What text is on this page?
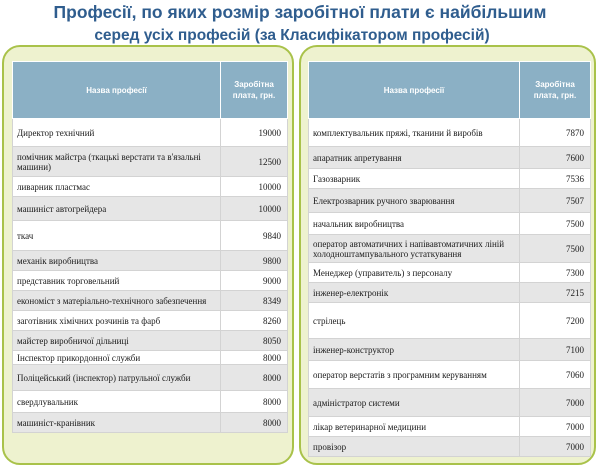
Професії, по яких розмір заробітної плати є найбільшим
серед усіх професій (за Класифікатором професій)
Назва професії	Заробітна плата, грн.
Директор технічний	19000
помічник майстра (ткацькі верстати та в'язальні машини)	12500
ливарник пластмас	10000
машиніст автогрейдера	10000
ткач	9840
механік виробництва	9800
представник торговельний	9000
економіст з матеріально-технічного забезпечення	8349
заготівник хімічних розчинів та фарб	8260
майстер виробничої дільниці	8050
Інспектор прикордонної служби	8000
Поліцейський (інспектор) патрульної служби	8000
свердлувальник	8000
машиніст-кранівник	8000
Назва професії	Заробітна плата, грн.
комплектувальник пряжі, тканини й виробів	7870
апаратник апретування	7600
Газозварник	7536
Електрозварник ручного зварювання	7507
начальник виробництва	7500
оператор автоматичних і напівавтоматичних ліній холодноштампувального устаткування	7500
Менеджер (управитель) з персоналу	7300
інженер-електронік	7215
стрілець	7200
інженер-конструктор	7100
оператор верстатів з програмним керуванням	7060
адміністратор системи	7000
лікар ветеринарної медицини	7000
провізор	7000
